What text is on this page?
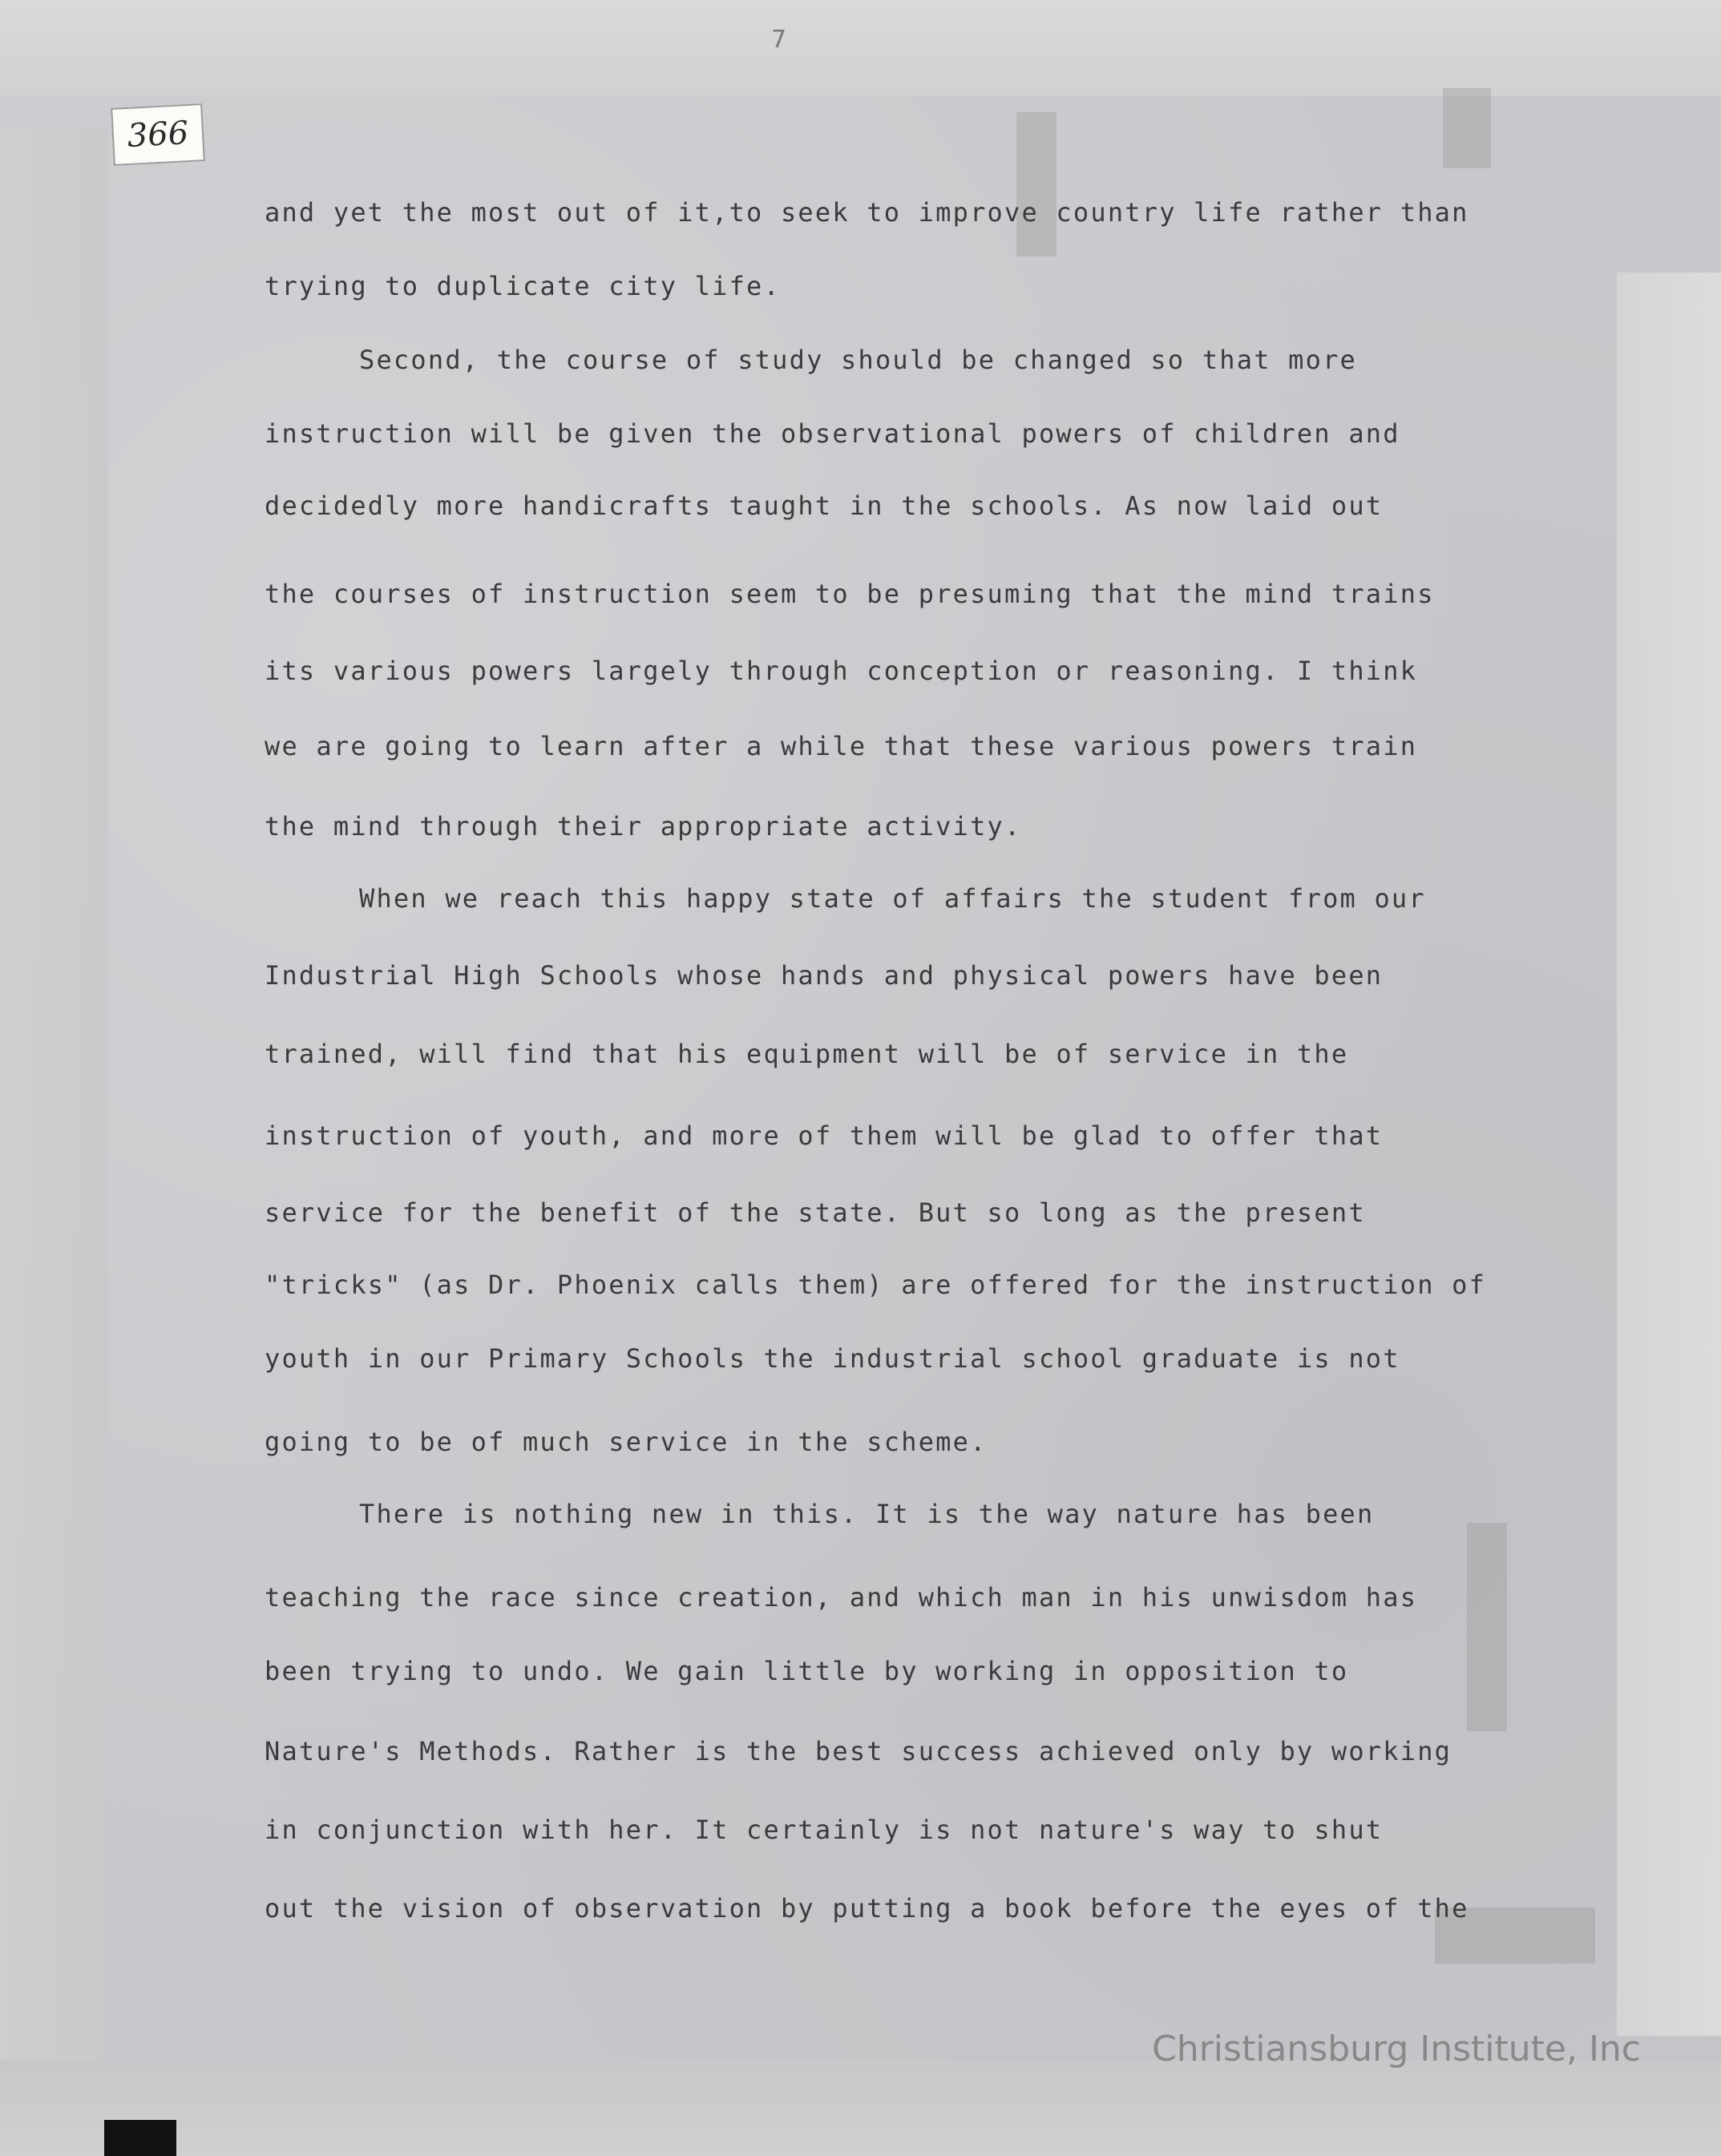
7
366
and yet the most out of it,to seek to improve country life rather than
trying to duplicate city life.
Second, the course of study should be changed so that more
instruction will be given the observational powers of children and
decidedly more handicrafts taught in the schools. As now laid out
the courses of instruction seem to be presuming that the mind trains
its various powers largely through conception or reasoning. I think
we are going to learn after a while that these various powers train
the mind through their appropriate activity.
When we reach this happy state of affairs the student from our
Industrial High Schools whose hands and physical powers have been
trained, will find that his equipment will be of service in the
instruction of youth, and more of them will be glad to offer that
service for the benefit of the state. But so long as the present
"tricks" (as Dr. Phoenix calls them) are offered for the instruction of
youth in our Primary Schools the industrial school graduate is not
going to be of much service in the scheme.
There is nothing new in this. It is the way nature has been
teaching the race since creation, and which man in his unwisdom has
been trying to undo. We gain little by working in opposition to
Nature's Methods. Rather is the best success achieved only by working
in conjunction with her. It certainly is not nature's way to shut
out the vision of observation by putting a book before the eyes of the
Christiansburg Institute, Inc
